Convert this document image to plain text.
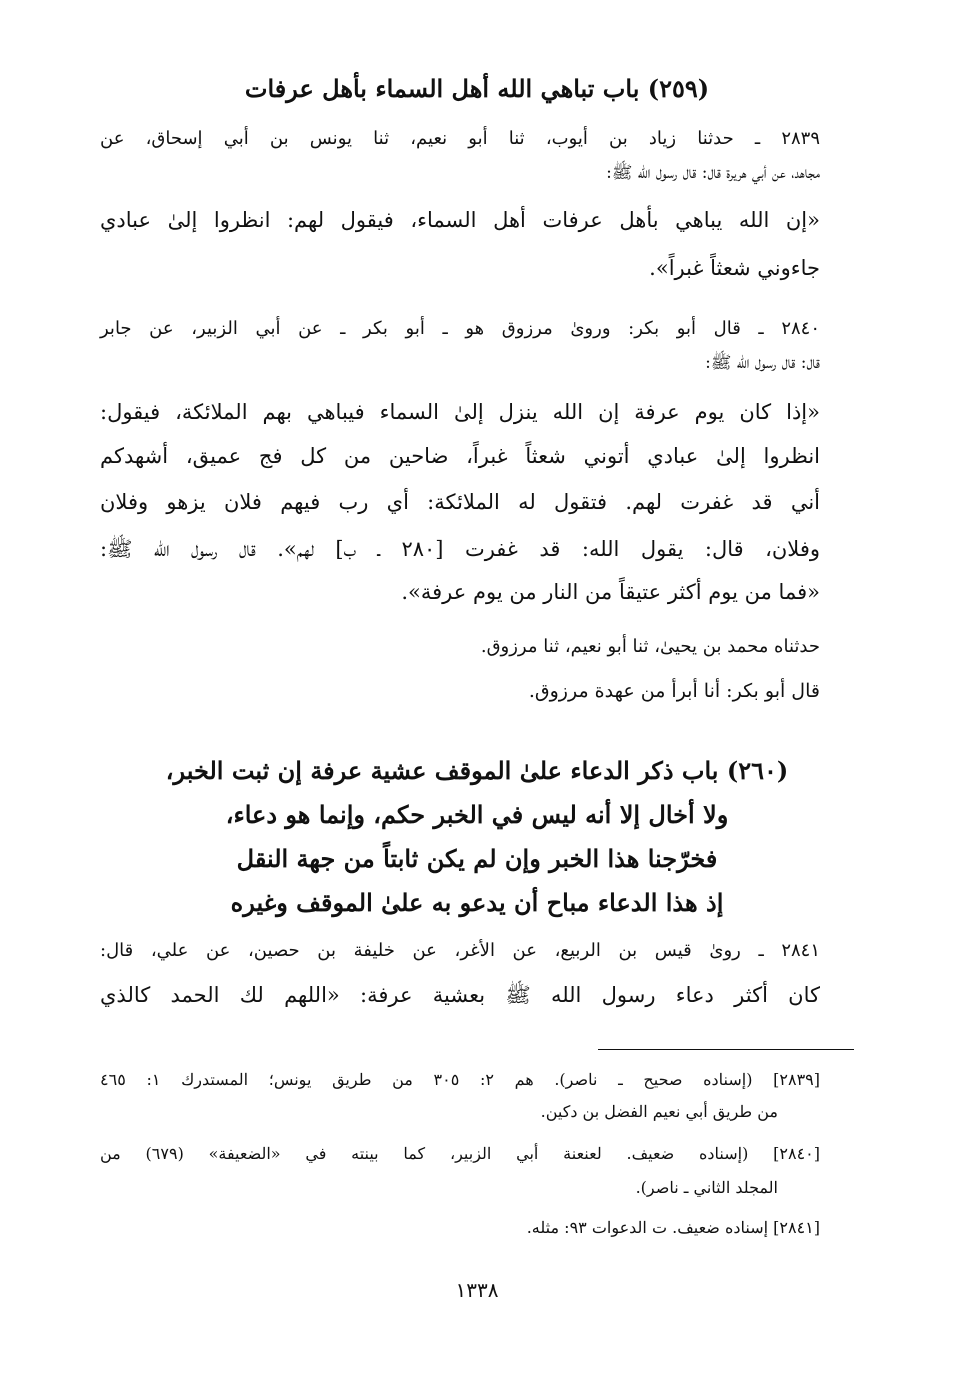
(٢٥٩) باب تباهي الله أهل السماء بأهل عرفات
٢٨٣٩ ـ حدثنا زياد بن أيوب، ثنا أبو نعيم، ثنا يونس بن أبي إسحاق، عن
مجاهد، عن أبي هريرة قال: قال رسول الله ﷺ:
«إن الله يباهي بأهل عرفات أهل السماء، فيقول لهم: انظروا إلىٰ عبادي
جاءوني شعثاً غبراً».
٢٨٤٠ ـ قال أبو بكر: ورویٰ مرزوق هو ـ أبو بكر ـ عن أبي الزبير، عن جابر
قال: قال رسول الله ﷺ:
«إذا كان يوم عرفة إن الله ينزل إلىٰ السماء فيباهي بهم الملائكة، فيقول:
انظروا إلىٰ عبادي أتوني شعثاً غبراً، ضاحين من كل فج عميق، أشهدكم
أني قد غفرت لهم. فتقول له الملائكة: أي رب فيهم فلان يزهو وفلان
وفلان، قال: يقول الله: قد غفرت [٢٨٠ ـ ب] لهم». قال رسول الله ﷺ:
«فما من يوم أكثر عتيقاً من النار من يوم عرفة».
حدثناه محمد بن يحيىٰ، ثنا أبو نعيم، ثنا مرزوق.
قال أبو بكر: أنا أبرأ من عهدة مرزوق.
(٢٦٠) باب ذكر الدعاء علىٰ الموقف عشية عرفة إن ثبت الخبر،
ولا أخال إلا أنه ليس في الخبر حكم، وإنما هو دعاء،
فخرّجنا هذا الخبر وإن لم يكن ثابتاً من جهة النقل
إذ هذا الدعاء مباح أن يدعو به علىٰ الموقف وغيره
٢٨٤١ ـ روىٰ قيس بن الربيع، عن الأغر، عن خليفة بن حصين، عن علي، قال:
كان أكثر دعاء رسول الله ﷺ بعشية عرفة: «اللهم لك الحمد كالذي
[٢٨٣٩] (إسناده صحيح ـ ناصر). هم ٢: ٣٠٥ من طريق يونس؛ المستدرك ١: ٤٦٥
من طريق أبي نعيم الفضل بن دكين.
[٢٨٤٠] (إسناده ضعيف. لعنعنة أبي الزبير، كما بينته في «الضعيفة» (٦٧٩) من
المجلد الثاني ـ ناصر).
[٢٨٤١] إسناده ضعيف. ت الدعوات ٩٣: مثله.
١٣٣٨
